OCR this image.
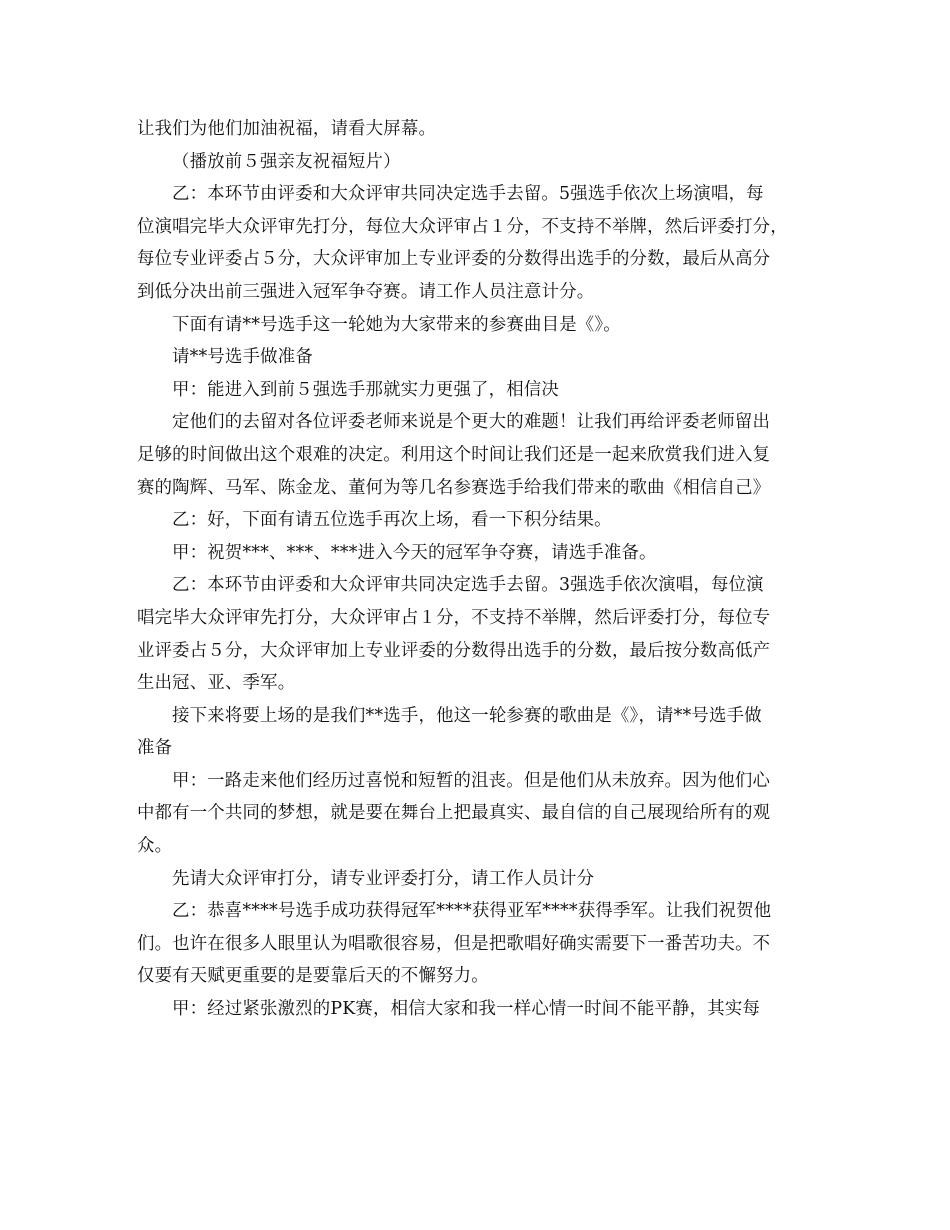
让我们为他们加油祝福，请看大屏幕。
（播放前５强亲友祝福短片）
乙：本环节由评委和大众评审共同决定选手去留。5强选手依次上场演唱，每
位演唱完毕大众评审先打分，每位大众评审占１分，不支持不举牌，然后评委打分，
每位专业评委占５分，大众评审加上专业评委的分数得出选手的分数，最后从高分
到低分决出前三强进入冠军争夺赛。请工作人员注意计分。
下面有请**号选手这一轮她为大家带来的参赛曲目是《》。
请**号选手做准备
甲：能进入到前５强选手那就实力更强了，相信决
定他们的去留对各位评委老师来说是个更大的难题！让我们再给评委老师留出
足够的时间做出这个艰难的决定。利用这个时间让我们还是一起来欣赏我们进入复
赛的陶辉、马军、陈金龙、董何为等几名参赛选手给我们带来的歌曲《相信自己》
乙：好，下面有请五位选手再次上场，看一下积分结果。
甲：祝贺***、***、***进入今天的冠军争夺赛，请选手准备。
乙：本环节由评委和大众评审共同决定选手去留。3强选手依次演唱，每位演
唱完毕大众评审先打分，大众评审占１分，不支持不举牌，然后评委打分，每位专
业评委占５分，大众评审加上专业评委的分数得出选手的分数，最后按分数高低产
生出冠、亚、季军。
接下来将要上场的是我们**选手，他这一轮参赛的歌曲是《》，请**号选手做
准备
甲：一路走来他们经历过喜悦和短暂的沮丧。但是他们从未放弃。因为他们心
中都有一个共同的梦想，就是要在舞台上把最真实、最自信的自己展现给所有的观
众。
先请大众评审打分，请专业评委打分，请工作人员计分
乙：恭喜****号选手成功获得冠军****获得亚军****获得季军。让我们祝贺他
们。也许在很多人眼里认为唱歌很容易，但是把歌唱好确实需要下一番苦功夫。不
仅要有天赋更重要的是要靠后天的不懈努力。
甲：经过紧张激烈的PK赛，相信大家和我一样心情一时间不能平静，其实每
